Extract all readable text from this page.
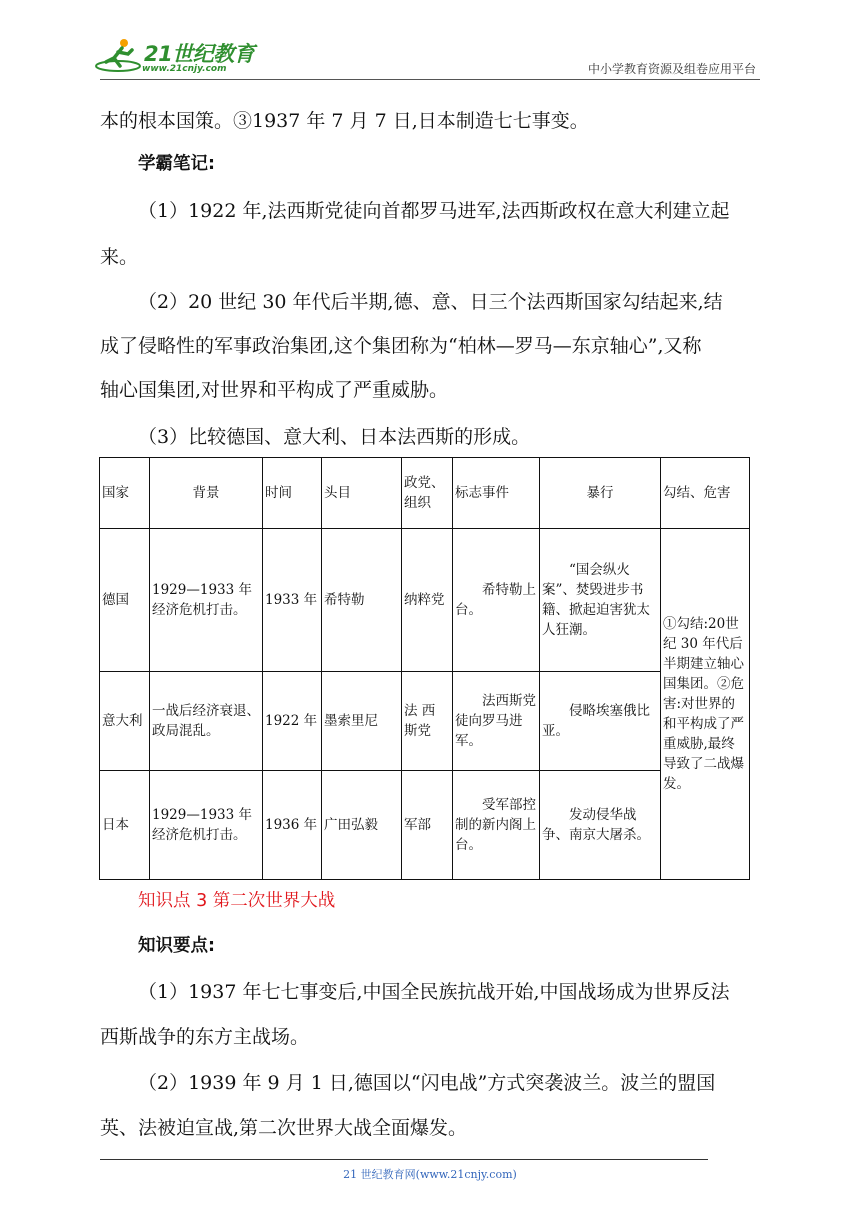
21世纪教育
www.21cnjy.com	中小学教育资源及组卷应用平台
本的根本国策。③1937 年 7 月 7 日,日本制造七七事变。
学霸笔记:
（1）1922 年,法西斯党徒向首都罗马进军,法西斯政权在意大利建立起
来。
（2）20 世纪 30 年代后半期,德、意、日三个法西斯国家勾结起来,结
成了侵略性的军事政治集团,这个集团称为“柏林—罗马—东京轴心”,又称
轴心国集团,对世界和平构成了严重威胁。
（3）比较德国、意大利、日本法西斯的形成。
国家	背景	时间	头目	政党、组织	标志事件	暴行	勾结、危害
德国	1929—1933 年经济危机打击。	1933 年	希特勒	纳粹党	希特勒上台。	“国会纵火案”、焚毁进步书籍、掀起迫害犹太人狂潮。	①勾结:20世纪 30 年代后半期建立轴心国集团。②危害:对世界的和平构成了严重威胁,最终导致了二战爆发。
意大利	一战后经济衰退、政局混乱。	1922 年	墨索里尼	法 西 斯党	法西斯党徒向罗马进军。	侵略埃塞俄比亚。	
日本	1929—1933 年经济危机打击。	1936 年	广田弘毅	军部	受军部控制的新内阁上台。	发动侵华战争、南京大屠杀。	
知识点 3 第二次世界大战
知识要点:
（1）1937 年七七事变后,中国全民族抗战开始,中国战场成为世界反法
西斯战争的东方主战场。
（2）1939 年 9 月 1 日,德国以“闪电战”方式突袭波兰。波兰的盟国
英、法被迫宣战,第二次世界大战全面爆发。
21 世纪教育网(www.21cnjy.com)
